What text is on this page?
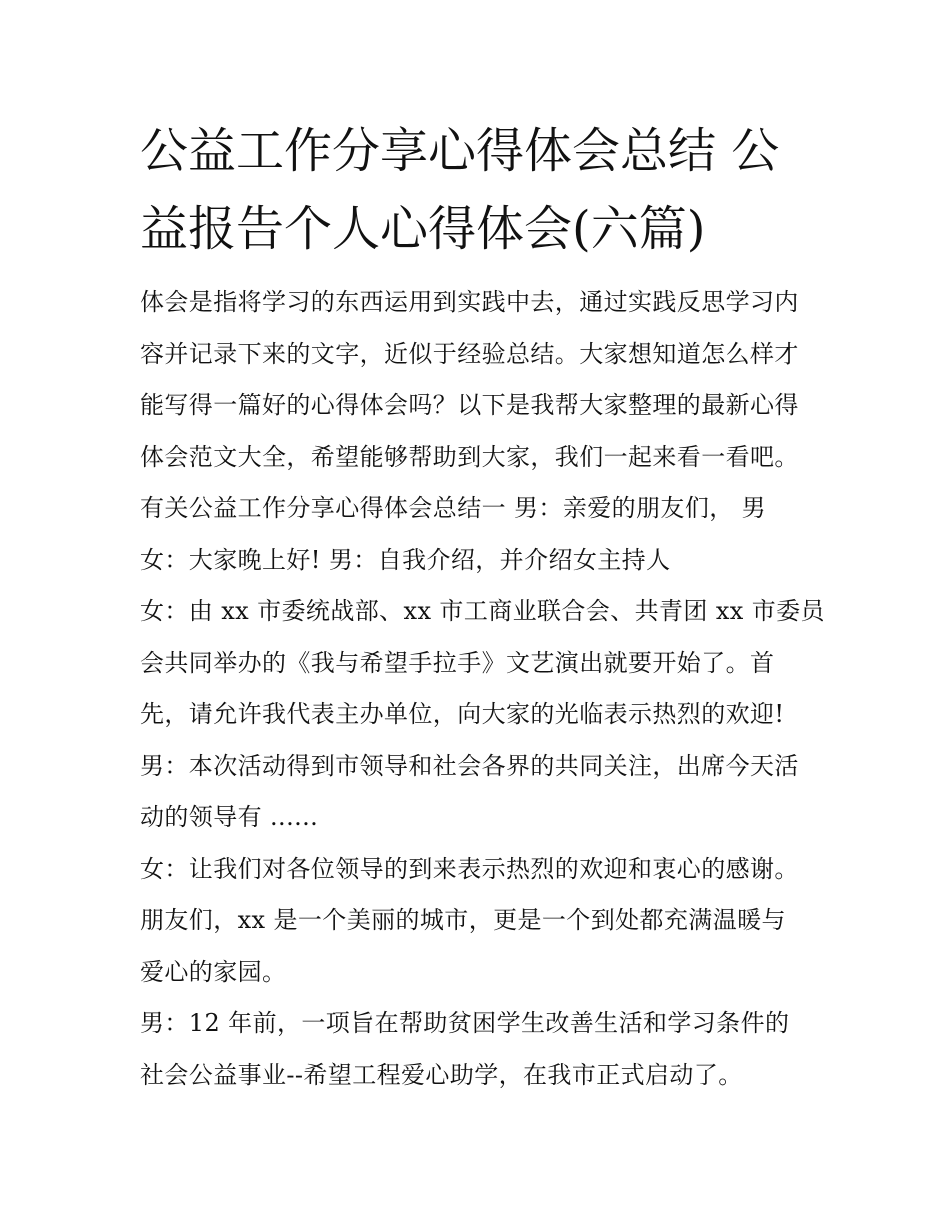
公益工作分享心得体会总结 公
益报告个人心得体会(六篇)
体会是指将学习的东西运用到实践中去，通过实践反思学习内
容并记录下来的文字，近似于经验总结。大家想知道怎么样才
能写得一篇好的心得体会吗？以下是我帮大家整理的最新心得
体会范文大全，希望能够帮助到大家，我们一起来看一看吧。
有关公益工作分享心得体会总结一 男：亲爱的朋友们， 男
女：大家晚上好! 男：自我介绍，并介绍女主持人
女：由 xx 市委统战部、xx 市工商业联合会、共青团 xx 市委员
会共同举办的《我与希望手拉手》文艺演出就要开始了。首
先，请允许我代表主办单位，向大家的光临表示热烈的欢迎!
男：本次活动得到市领导和社会各界的共同关注，出席今天活
动的领导有 ......
女：让我们对各位领导的到来表示热烈的欢迎和衷心的感谢。
朋友们，xx 是一个美丽的城市，更是一个到处都充满温暖与
爱心的家园。
男：12 年前，一项旨在帮助贫困学生改善生活和学习条件的
社会公益事业--希望工程爱心助学，在我市正式启动了。
